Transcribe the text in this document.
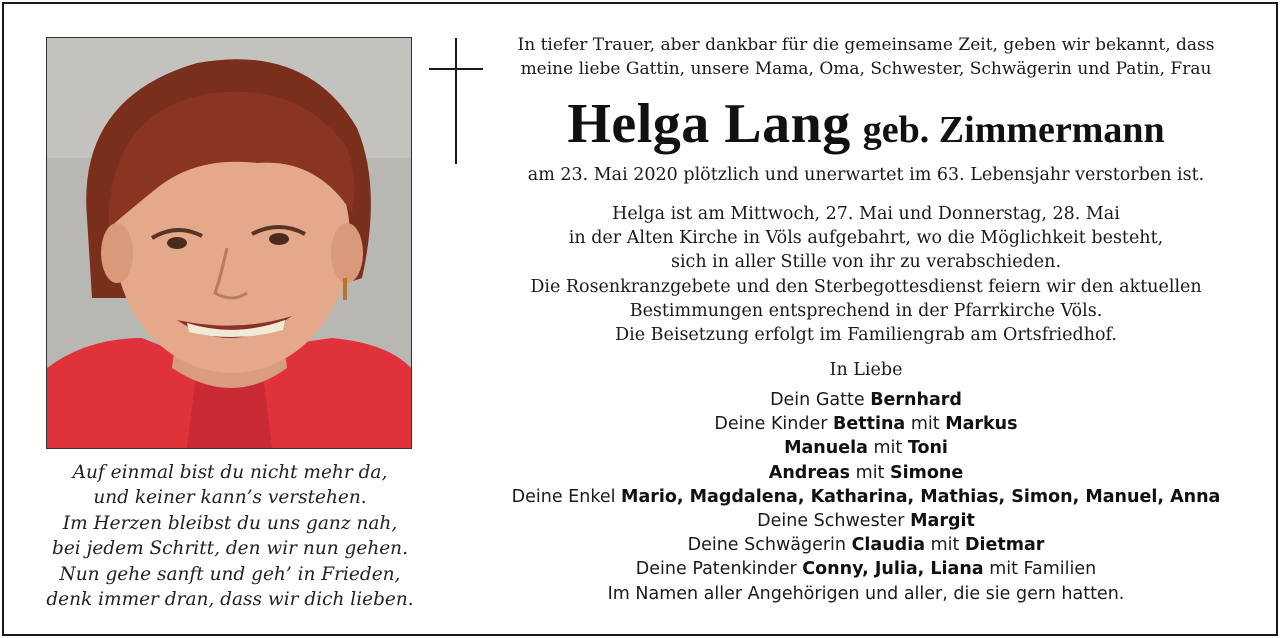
Auf einmal bist du nicht mehr da,
und keiner kann’s verstehen.
Im Herzen bleibst du uns ganz nah,
bei jedem Schritt, den wir nun gehen.
Nun gehe sanft und geh’ in Frieden,
denk immer dran, dass wir dich lieben.
In tiefer Trauer, aber dankbar für die gemeinsame Zeit, geben wir bekannt, dass
meine liebe Gattin, unsere Mama, Oma, Schwester, Schwägerin und Patin, Frau
Helga Lang geb. Zimmermann
am 23. Mai 2020 plötzlich und unerwartet im 63. Lebensjahr verstorben ist.
Helga ist am Mittwoch, 27. Mai und Donnerstag, 28. Mai
in der Alten Kirche in Völs aufgebahrt, wo die Möglichkeit besteht,
sich in aller Stille von ihr zu verabschieden.
Die Rosenkranzgebete und den Sterbegottesdienst feiern wir den aktuellen
Bestimmungen entsprechend in der Pfarrkirche Völs.
Die Beisetzung erfolgt im Familiengrab am Ortsfriedhof.
In Liebe
Dein Gatte Bernhard
Deine Kinder Bettina mit Markus
Manuela mit Toni
Andreas mit Simone
Deine Enkel Mario, Magdalena, Katharina, Mathias, Simon, Manuel, Anna
Deine Schwester Margit
Deine Schwägerin Claudia mit Dietmar
Deine Patenkinder Conny, Julia, Liana mit Familien
Im Namen aller Angehörigen und aller, die sie gern hatten.
